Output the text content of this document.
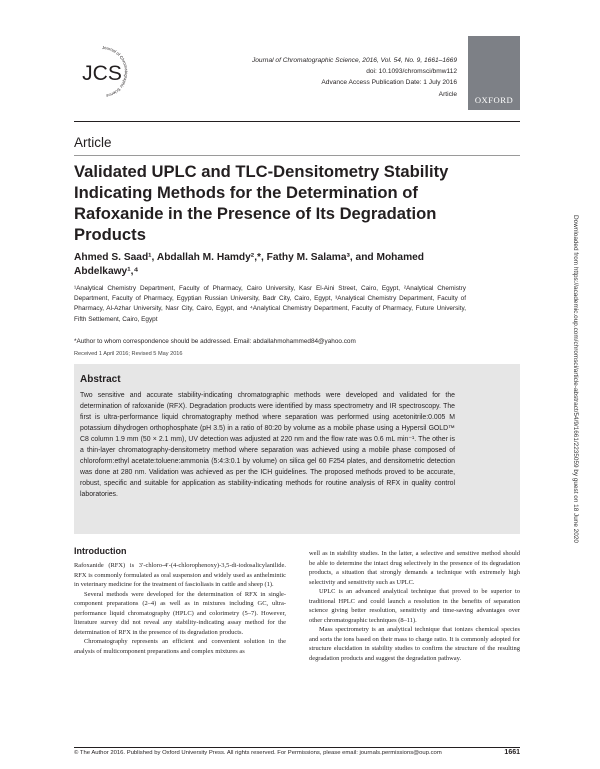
Journal of Chromatographic Science
JCS
Journal of Chromatographic Science, 2016, Vol. 54, No. 9, 1661–1669
doi: 10.1093/chromsci/bmw112
Advance Access Publication Date: 1 July 2016
Article
OXFORD
Article
Validated UPLC and TLC-Densitometry Stability Indicating Methods for the Determination of Rafoxanide in the Presence of Its Degradation Products
Ahmed S. Saad¹, Abdallah M. Hamdy²,*, Fathy M. Salama³, and Mohamed Abdelkawy¹,⁴
¹Analytical Chemistry Department, Faculty of Pharmacy, Cairo University, Kasr El-Aini Street, Cairo, Egypt, ²Analytical Chemistry Department, Faculty of Pharmacy, Egyptian Russian University, Badr City, Cairo, Egypt, ³Analytical Chemistry Department, Faculty of Pharmacy, Al-Azhar University, Nasr City, Cairo, Egypt, and ⁴Analytical Chemistry Department, Faculty of Pharmacy, Future University, Fifth Settlement, Cairo, Egypt
*Author to whom correspondence should be addressed. Email: abdallahmohammed84@yahoo.com
Received 1 April 2016; Revised 5 May 2016
Abstract
Two sensitive and accurate stability-indicating chromatographic methods were developed and validated for the determination of rafoxanide (RFX). Degradation products were identified by mass spectrometry and IR spectroscopy. The first is ultra-performance liquid chromatography method where separation was performed using acetonitrile:0.005 M potassium dihydrogen orthophosphate (pH 3.5) in a ratio of 80:20 by volume as a mobile phase using a Hypersil GOLD™ C8 column 1.9 mm (50 × 2.1 mm), UV detection was adjusted at 220 nm and the flow rate was 0.6 mL min⁻¹. The other is a thin-layer chromatography-densitometry method where separation was achieved using a mobile phase composed of chloroform:ethyl acetate:toluene:ammonia (5:4:3:0.1 by volume) on silica gel 60 F254 plates, and densitometric detection was done at 280 nm. Validation was achieved as per the ICH guidelines. The proposed methods proved to be accurate, robust, specific and suitable for application as stability-indicating methods for routine analysis of RFX in quality control laboratories.
Introduction

Rafoxanide (RFX) is 3′-chloro-4′-(4-chlorophenoxy)-3,5-di-iodosalicylanilide. RFX is commonly formulated as oral suspension and widely used as anthelmintic in veterinary medicine for the treatment of fascioliasis in cattle and sheep (1).

Several methods were developed for the determination of RFX in single-component preparations (2–4) as well as in mixtures including GC, ultra-performance liquid chromatography (HPLC) and colorimetry (5–7). However, literature survey did not reveal any stability-indicating assay method for the determination of RFX in the presence of its degradation products.

Chromatography represents an efficient and convenient solution in the analysis of multicomponent preparations and complex mixtures as

well as in stability studies. In the latter, a selective and sensitive method should be able to determine the intact drug selectively in the presence of its degradation products, a situation that strongly demands a technique with extremely high selectivity and sensitivity such as UPLC.

UPLC is an advanced analytical technique that proved to be superior to traditional HPLC and could launch a resolution in the benefits of separation science giving better resolution, sensitivity and time-saving advantages over other chromatographic techniques (8–11).

Mass spectrometry is an analytical technique that ionizes chemical species and sorts the ions based on their mass to charge ratio. It is commonly adopted for structure elucidation in stability studies to confirm the structure of the resulting degradation products and suggest the degradation pathway.

© The Author 2016. Published by Oxford University Press. All rights reserved. For Permissions, please email: journals.permissions@oup.com	1661
Downloaded from https://academic.oup.com/chromsci/article-abstract/54/9/1661/2235059 by guest on 18 June 2020
